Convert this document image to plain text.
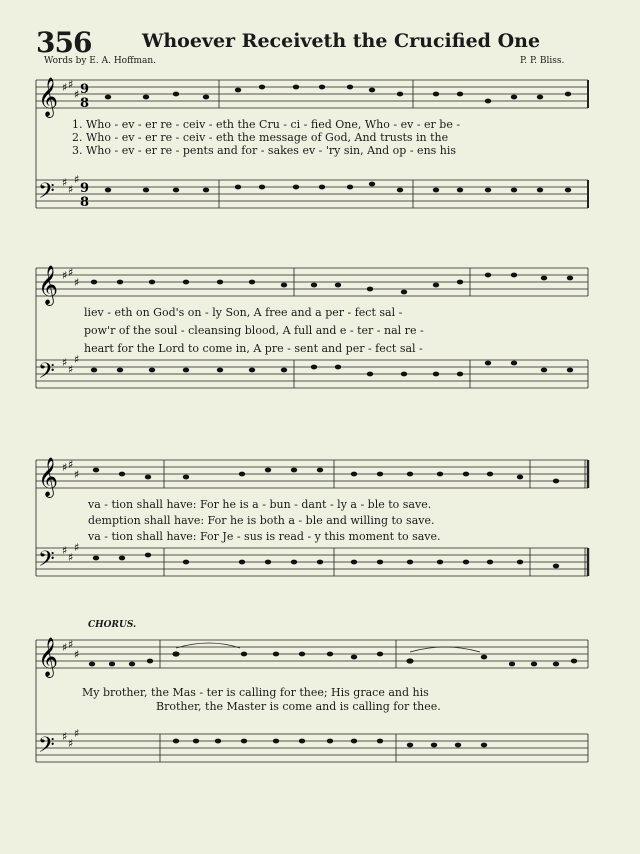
356	Whoever Receiveth the Crucified One
Words by E. A. Hoffman.	P. P. Bliss.
𝄞
𝄢
♯ ♯
♯
♯
♯
♯
9
8
9
8
1. Who - ev - er re - ceiv - eth the Cru - ci - fied One, Who - ev - er be -
2. Who - ev - er re - ceiv - eth the message of God, And trusts in the
3. Who - ev - er re - pents and for - sakes ev - 'ry sin, And op - ens his
𝄞
𝄢
♯ ♯
♯
♯
♯
♯
liev - eth on God's on - ly Son, A free and a per - fect sal -
pow'r of the soul - cleansing blood, A full and e - ter - nal re -
heart for the Lord to come in, A pre - sent and per - fect sal -
𝄞
𝄢
♯ ♯
♯
♯
♯
♯
va - tion shall have: For he is a - bun - dant - ly a - ble to save.
demption shall have: For he is both a - ble and willing to save.
va - tion shall have: For Je - sus is read - y this moment to save.
CHORUS.
𝄞
𝄢
♯ ♯
♯
♯
♯
♯
My brother, the Mas - ter is calling for thee; His grace and his
Brother, the Master is come and is calling for thee.
